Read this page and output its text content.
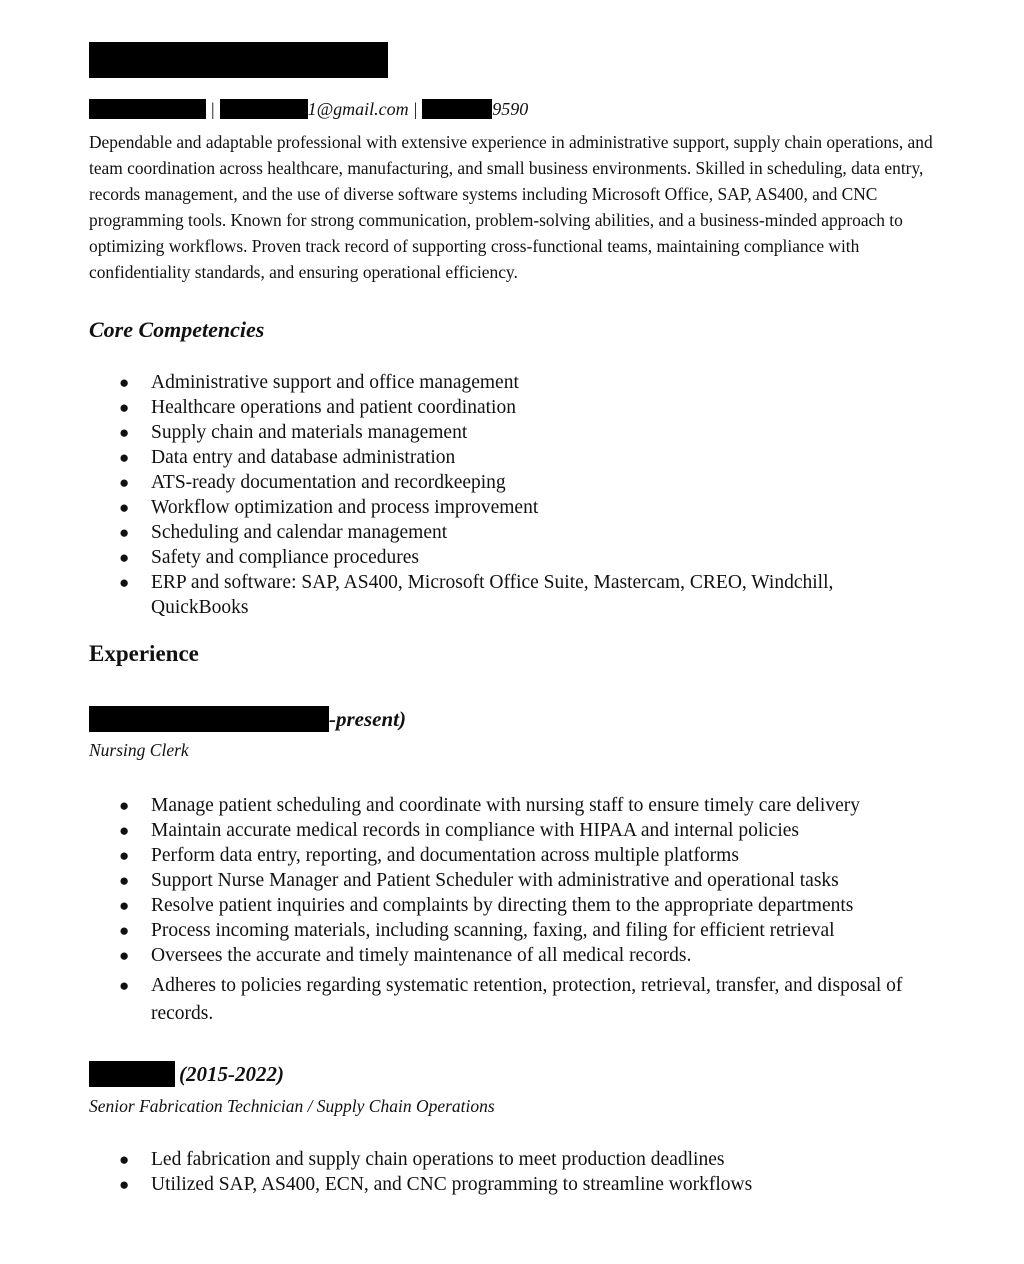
|	1@gmail.com |	9590

Dependable and adaptable professional with extensive experience in administrative support, supply chain operations, and team coordination across healthcare, manufacturing, and small business environments. Skilled in scheduling, data entry, records management, and the use of diverse software systems including Microsoft Office, SAP, AS400, and CNC programming tools. Known for strong communication, problem-solving abilities, and a business-minded approach to optimizing workflows. Proven track record of supporting cross-functional teams, maintaining compliance with confidentiality standards, and ensuring operational efficiency.

Core Competencies
● Administrative support and office management
● Healthcare operations and patient coordination
● Supply chain and materials management
● Data entry and database administration
● ATS-ready documentation and recordkeeping
● Workflow optimization and process improvement
● Scheduling and calendar management
● Safety and compliance procedures
● ERP and software: SAP, AS400, Microsoft Office Suite, Mastercam, CREO, Windchill, QuickBooks
Experience
-present)

Nursing Clerk

● Manage patient scheduling and coordinate with nursing staff to ensure timely care delivery
● Maintain accurate medical records in compliance with HIPAA and internal policies
● Perform data entry, reporting, and documentation across multiple platforms
● Support Nurse Manager and Patient Scheduler with administrative and operational tasks
● Resolve patient inquiries and complaints by directing them to the appropriate departments
● Process incoming materials, including scanning, faxing, and filing for efficient retrieval
● Oversees the accurate and timely maintenance of all medical records.
● Adheres to policies regarding systematic retention, protection, retrieval, transfer, and disposal of records.
(2015-2022)

Senior Fabrication Technician / Supply Chain Operations

● Led fabrication and supply chain operations to meet production deadlines
● Utilized SAP, AS400, ECN, and CNC programming to streamline workflows
